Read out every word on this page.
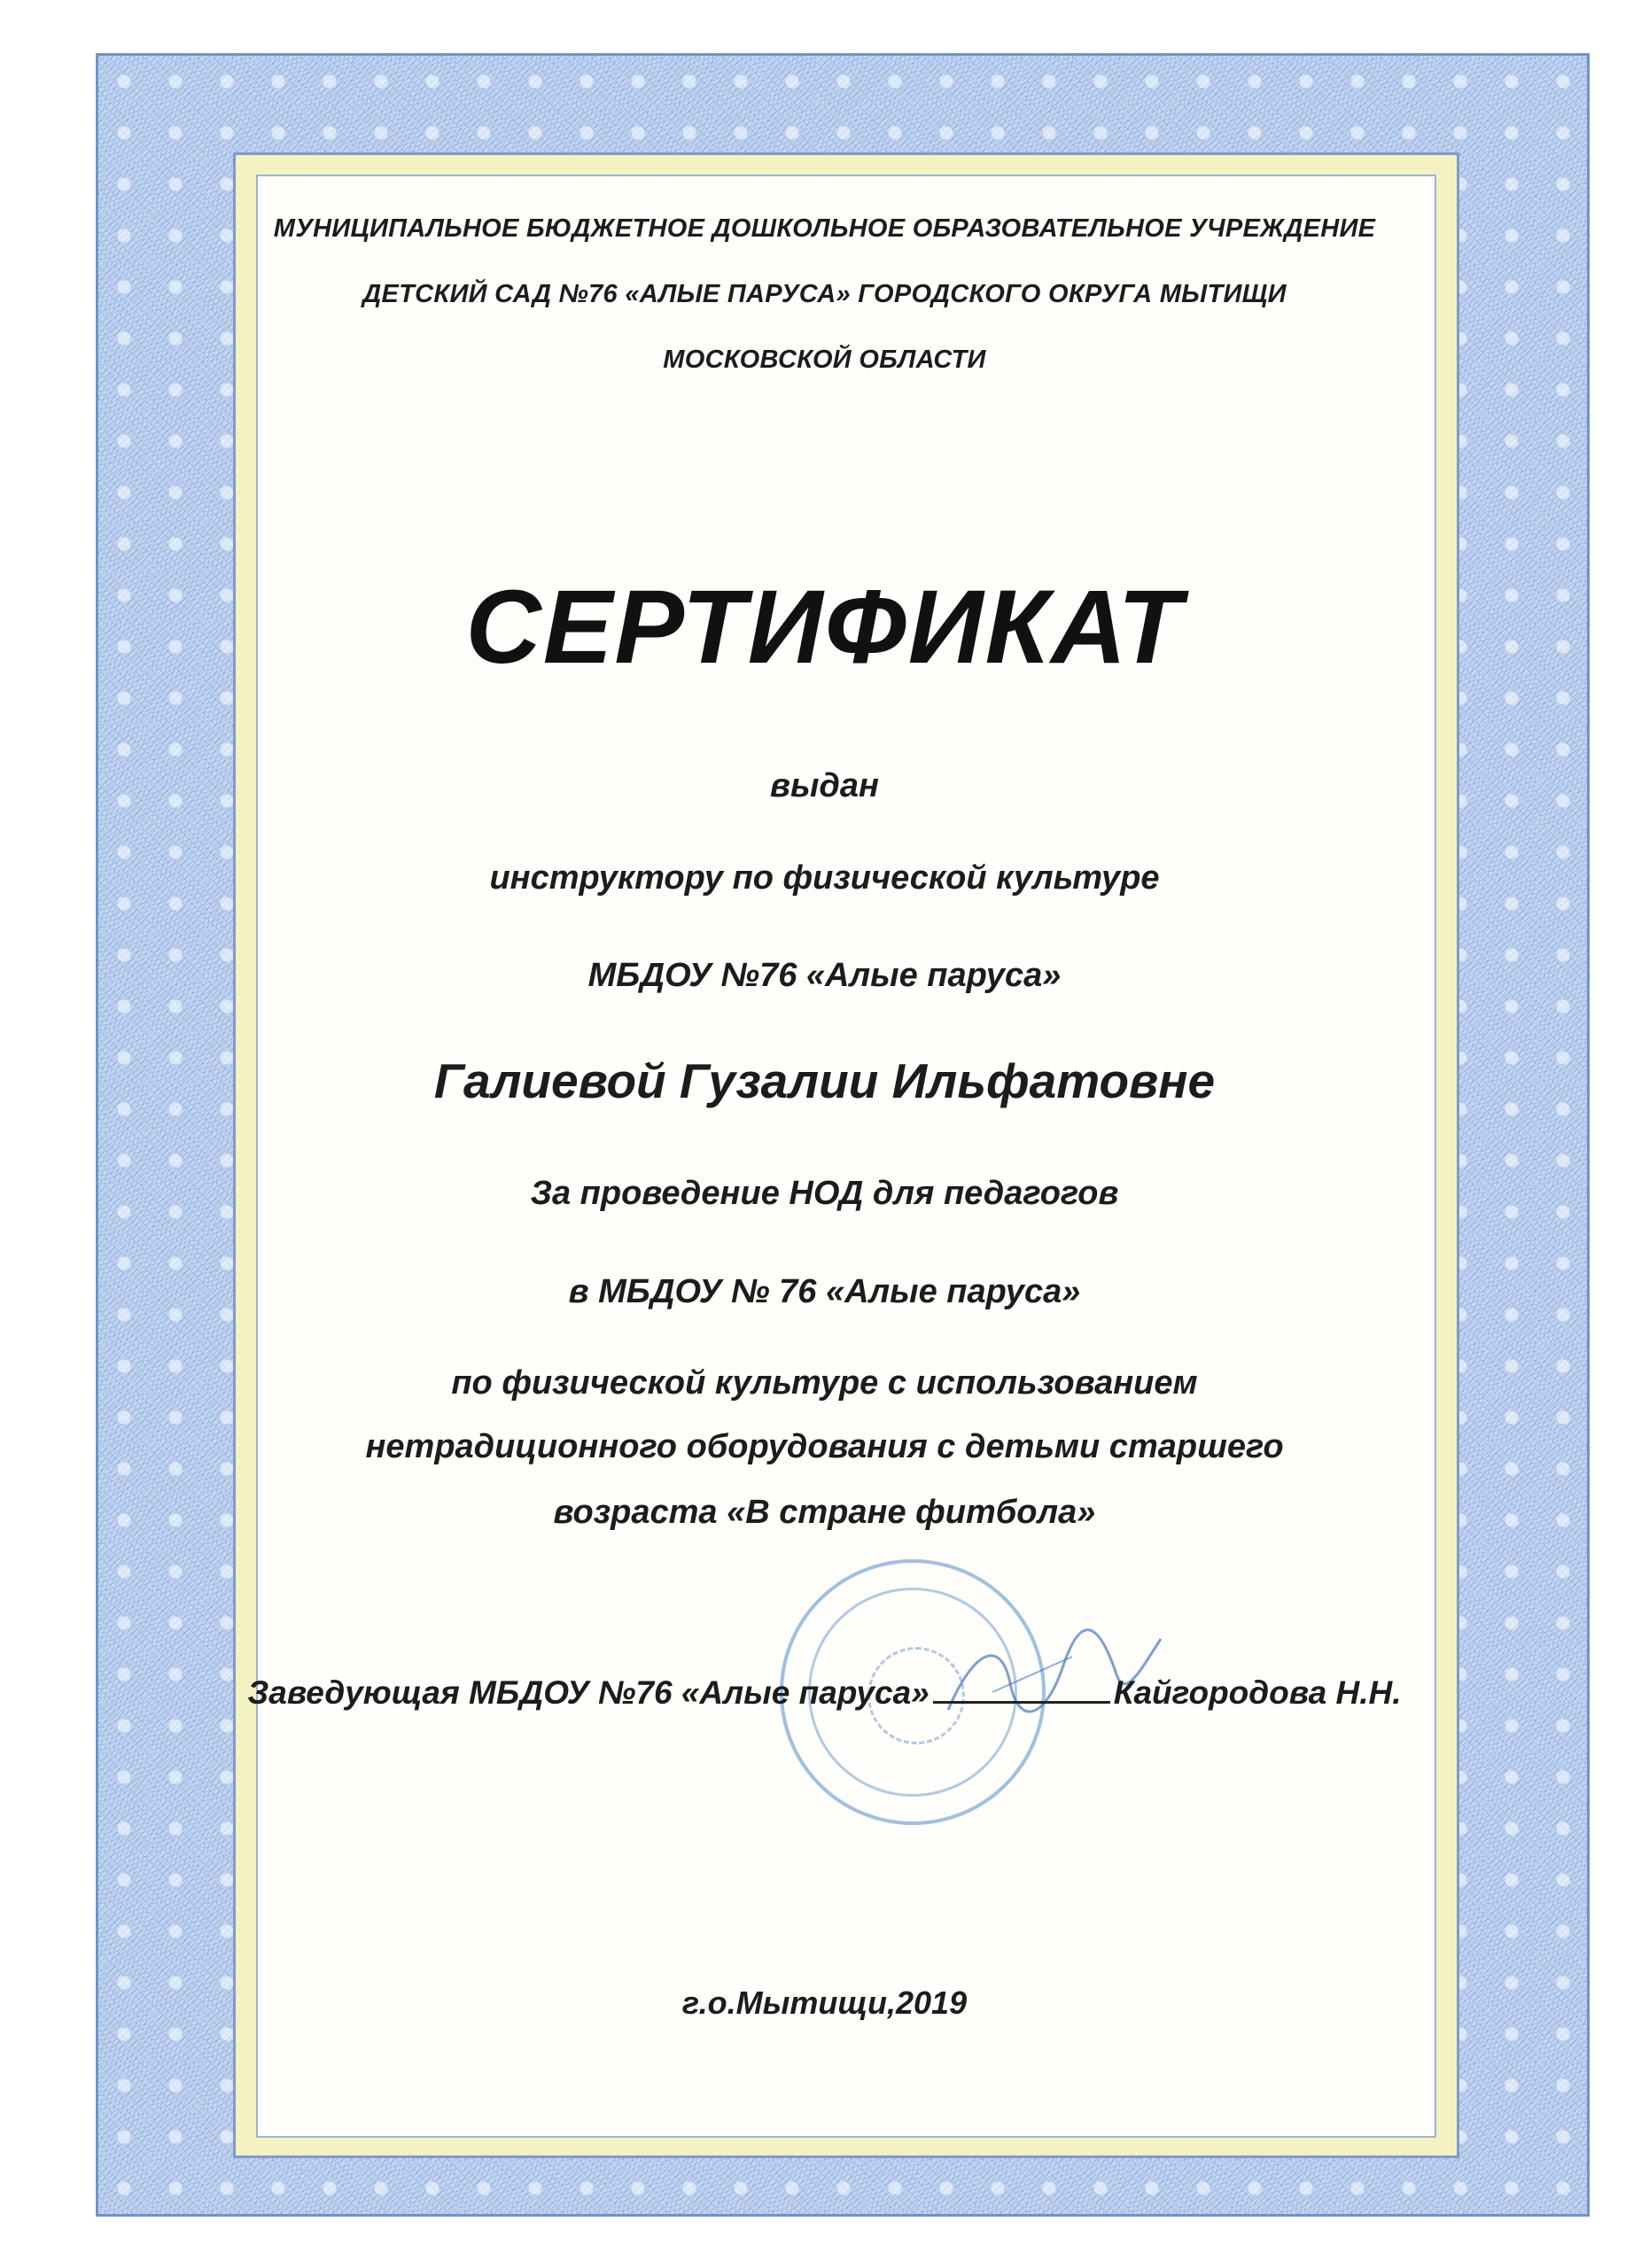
МУНИЦИПАЛЬНОЕ БЮДЖЕТНОЕ ДОШКОЛЬНОЕ ОБРАЗОВАТЕЛЬНОЕ УЧРЕЖДЕНИЕ
ДЕТСКИЙ САД №76 «АЛЫЕ ПАРУСА» ГОРОДСКОГО ОКРУГА МЫТИЩИ
МОСКОВСКОЙ ОБЛАСТИ
СЕРТИФИКАТ
выдан
инструктору по физической культуре
МБДОУ №76 «Алые паруса»
Галиевой Гузалии Ильфатовне
За проведение НОД для педагогов
в МБДОУ № 76 «Алые паруса»
по физической культуре с использованием
нетрадиционного оборудования с детьми старшего
возраста «В стране фитбола»
Заведующая МБДОУ №76 «Алые паруса»	Кайгородова Н.Н.
г.о.Мытищи,2019
